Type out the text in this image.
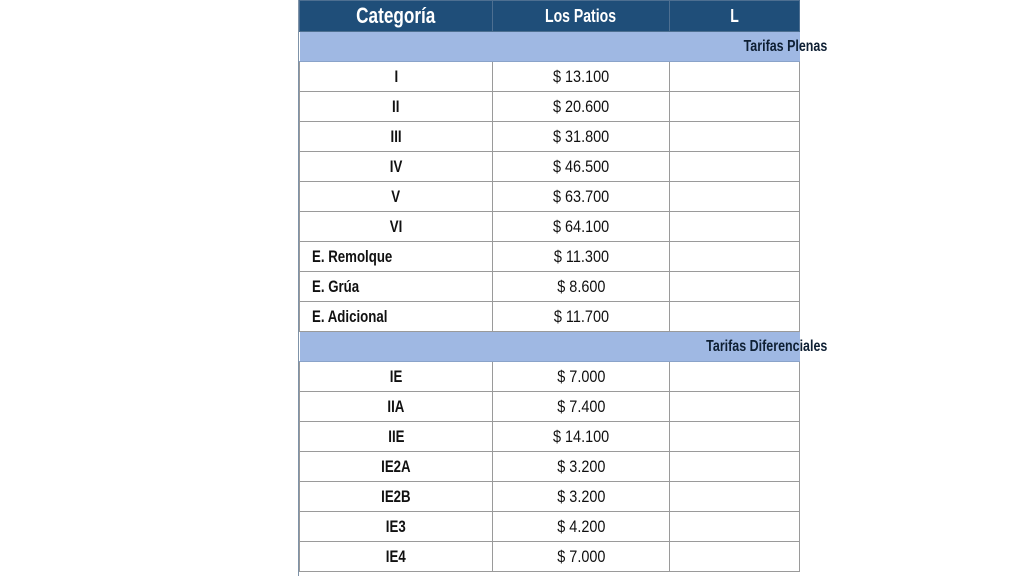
Categoría	Los Patios	L
Tarifas Plenas		
I	$ 13.100	
II	$ 20.600	
III	$ 31.800	
IV	$ 46.500	
V	$ 63.700	
VI	$ 64.100	
E. Remolque	$ 11.300	
E. Grúa	$ 8.600	
E. Adicional	$ 11.700	
Tarifas Diferenciales		
IE	$ 7.000	
IIA	$ 7.400	
IIE	$ 14.100	
IE2A	$ 3.200	
IE2B	$ 3.200	
IE3	$ 4.200	
IE4	$ 7.000	
